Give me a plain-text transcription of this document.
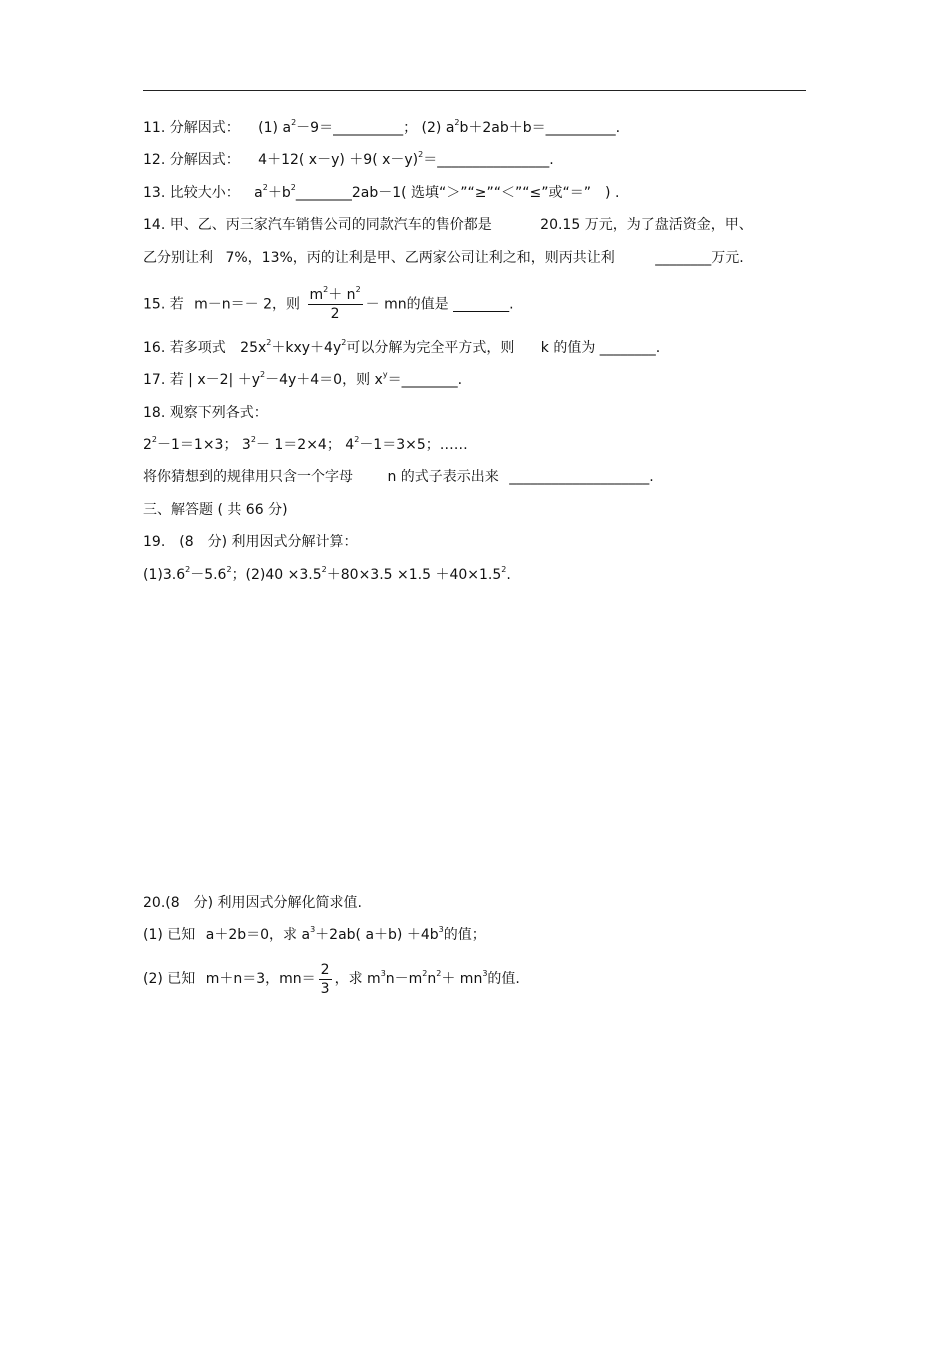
11. 分解因式： (1) $a^2-9=\_\_\_\_\_\_\_\_\_\_$； (2) $a^2b+2ab+b=\_\_\_\_\_\_\_\_\_\_$.
12. 分解因式： 4＋12( x－y) ＋9( x－y)$^2$＝________________.
13. 比较大小： $a^2+b^2\_\_\_\_\_\_\_\_2ab-1$( 选填“＞”“≥”“＜”“≤”或“＝”　) .
14. 甲、乙、丙三家汽车销售公司的同款汽车的售价都是	20.15 万元，为了盘活资金，甲、
乙分别让利 7%，13%，丙的让利是甲、乙两家公司让利之和，则丙共让利	________万元.
15. 若 m－n＝－ 2，则 $\frac{m^2+ n^2}{2}$ － mn的值是 ________.
16. 若多项式 $25x^2+kxy+4y^2$可以分解为完全平方式，则 k 的值为 ________.
17. 若 | $x-2| +y^2-4y+4=0$，则 $x^y=\_\_\_\_\_\_\_\_$.
18. 观察下列各式：
$2^2-1=1\times 3$； $3^2- 1=2\times 4$； $4^2-1=3\times 5$；……
将你猜想到的规律用只含一个字母 n 的式子表示出来 ____________________.
三、解答题 ( 共 66 分)
19.　(8　分) 利用因式分解计算：
$(1)3.6^2-5.6^2$；$(2)40 \times 3.5^2+80\times 3.5 \times 1.5 +40\times 1.5^2$.
20.(8　分) 利用因式分解化简求值.
(1) 已知 a＋2b＝0，求 $a^3+2ab$( $a+b) +4b^3$的值；
(2) 已知 m＋n＝3，$mn= \frac{2}{3}$ ，求 $m^3n-m^2n^2+ mn^3$的值.
